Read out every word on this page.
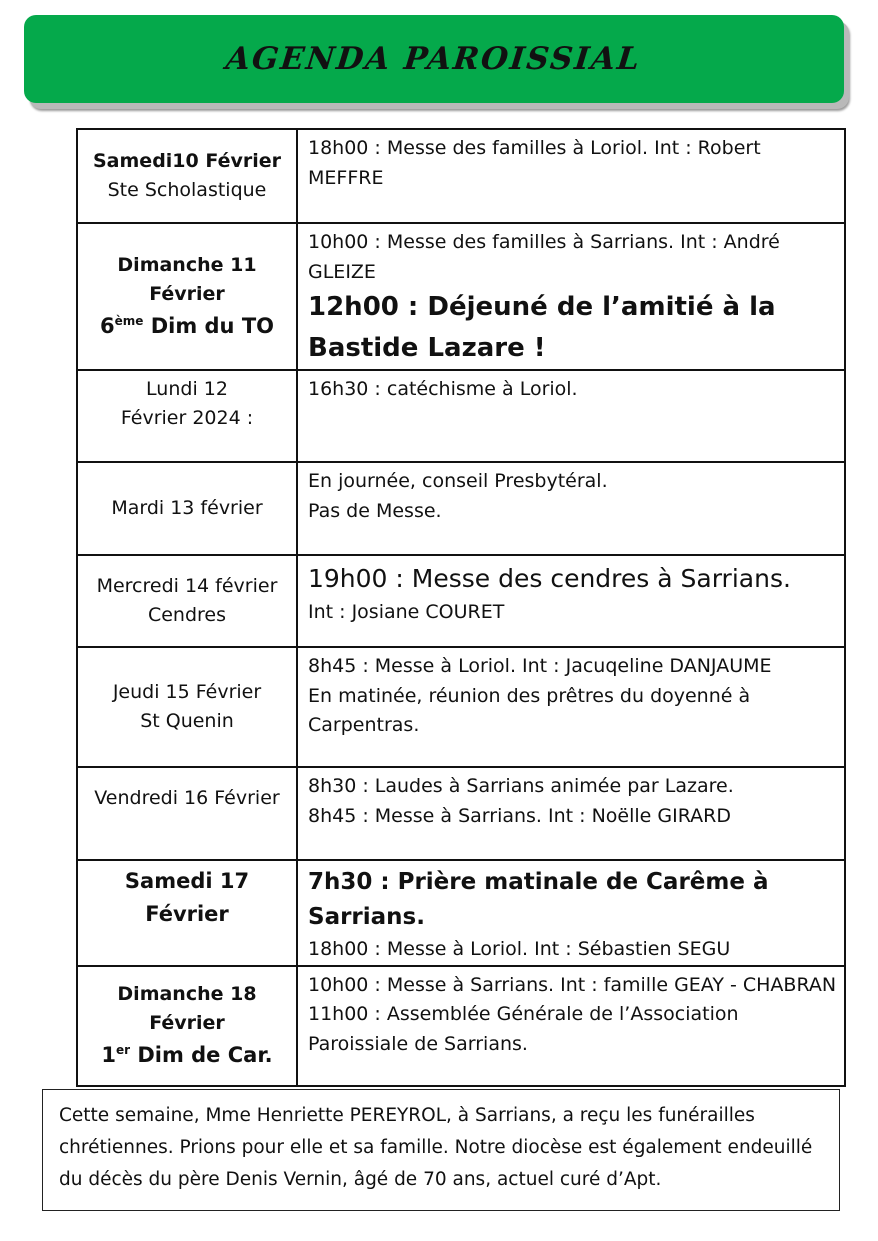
AGENDA PAROISSIAL
Samedi10 Février
Ste Scholastique	18h00 : Messe des familles à Loriol. Int : Robert MEFFRE

Dimanche 11
Février
6ème Dim du TO	10h00 : Messe des familles à Sarrians. Int : André GLEIZE
12h00 : Déjeuné de l’amitié à la Bastide Lazare !

Lundi 12
Février 2024 :	16h30 : catéchisme à Loriol.

Mardi 13 février	En journée, conseil Presbytéral.
Pas de Messe.

Mercredi 14 février
Cendres	19h00 : Messe des cendres à Sarrians.
Int : Josiane COURET

Jeudi 15 Février
St Quenin	8h45 : Messe à Loriol. Int : Jacuqeline DANJAUME
En matinée, réunion des prêtres du doyenné à Carpentras.

Vendredi 16 Février	8h30 : Laudes à Sarrians animée par Lazare.
8h45 : Messe à Sarrians. Int : Noëlle GIRARD

Samedi 17
Février	7h30 : Prière matinale de Carême à Sarrians.
18h00 : Messe à Loriol. Int : Sébastien SEGU

Dimanche 18
Février
1er Dim de Car.	10h00 : Messe à Sarrians. Int : famille GEAY - CHABRAN
11h00 : Assemblée Générale de l’Association Paroissiale de Sarrians.
Cette semaine, Mme Henriette PEREYROL, à Sarrians, a reçu les funérailles chrétiennes. Prions pour elle et sa famille. Notre diocèse est également endeuillé du décès du père Denis Vernin, âgé de 70 ans, actuel curé d’Apt.
